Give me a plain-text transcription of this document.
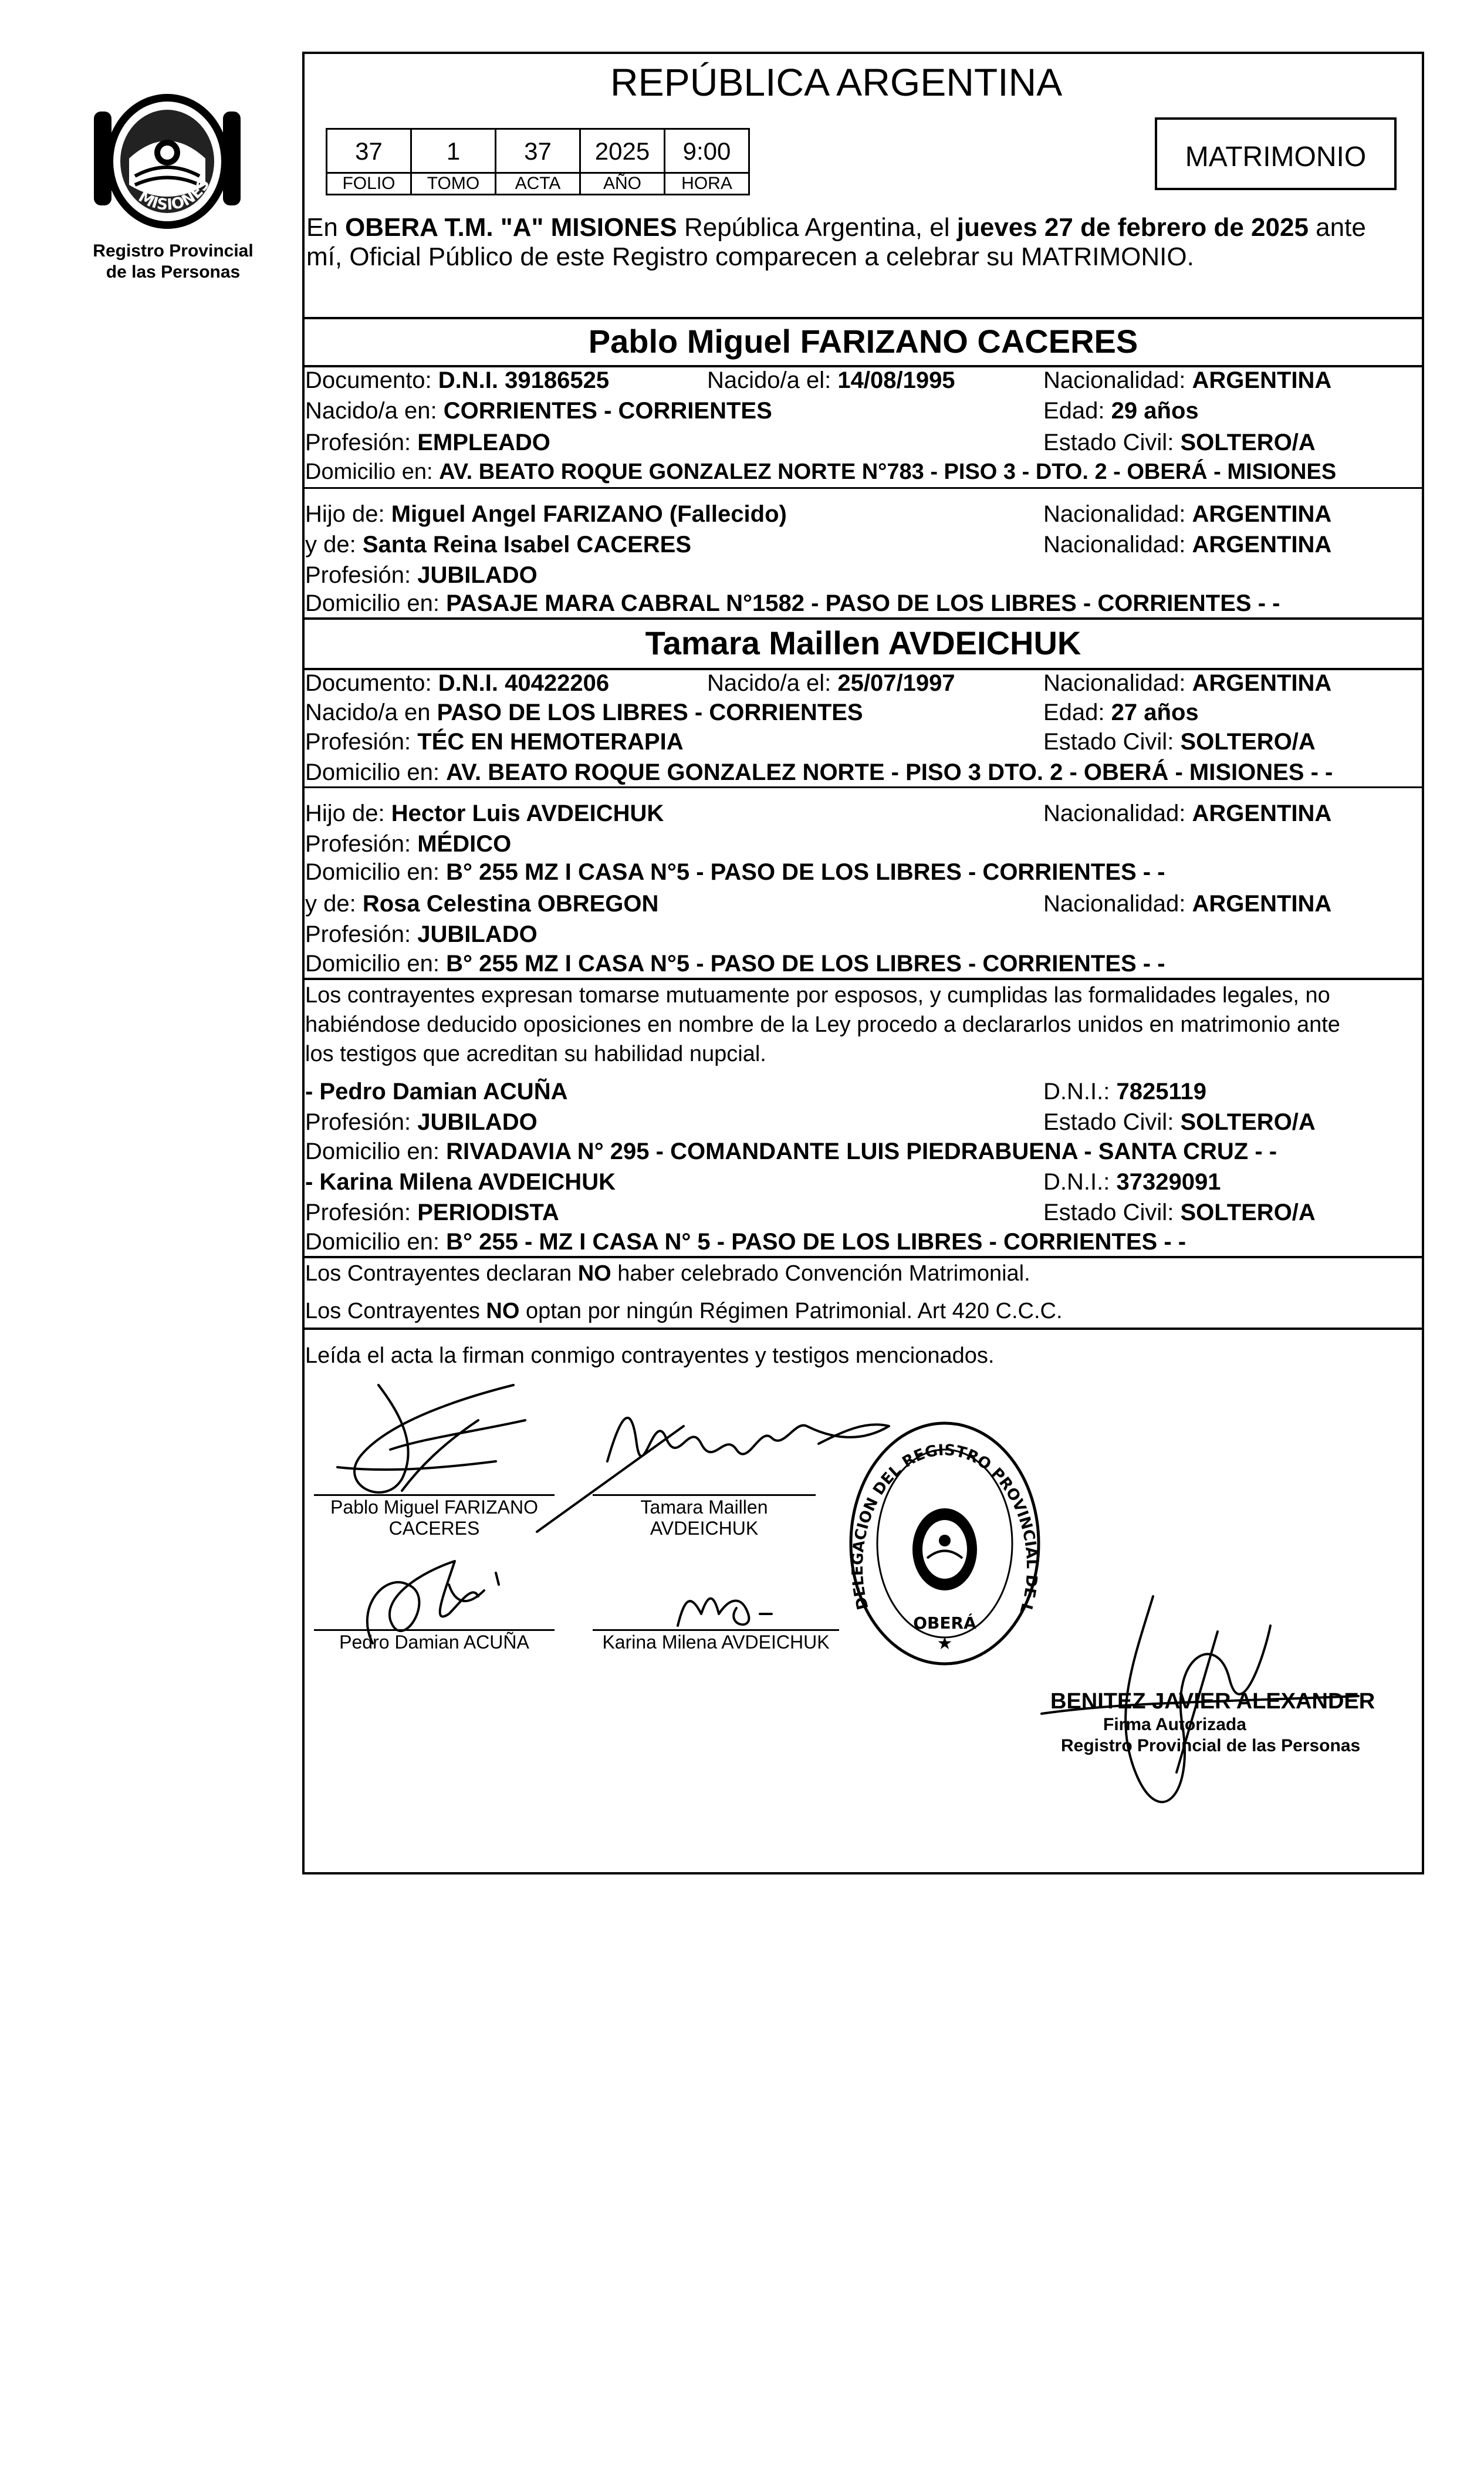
MISIONES
Registro Provincial
de las Personas
REPÚBLICA ARGENTINA
37	1	37	2025	9:00
FOLIO	TOMO	ACTA	AÑO	HORA
MATRIMONIO
En OBERA T.M. "A" MISIONES República Argentina, el jueves 27 de febrero de 2025 ante
mí, Oficial Público de este Registro comparecen a celebrar su MATRIMONIO.
Pablo Miguel FARIZANO CACERES
Documento: D.N.I. 39186525	Nacido/a el: 14/08/1995	Nacionalidad: ARGENTINA
Nacido/a en: CORRIENTES - CORRIENTES	Edad: 29 años
Profesión: EMPLEADO	Estado Civil: SOLTERO/A
Domicilio en: AV. BEATO ROQUE GONZALEZ NORTE N°783 - PISO 3 - DTO. 2 - OBERÁ - MISIONES
Hijo de: Miguel Angel FARIZANO (Fallecido)	Nacionalidad: ARGENTINA
y de: Santa Reina Isabel CACERES	Nacionalidad: ARGENTINA
Profesión: JUBILADO
Domicilio en: PASAJE MARA CABRAL N°1582 - PASO DE LOS LIBRES - CORRIENTES - -
Tamara Maillen AVDEICHUK
Documento: D.N.I. 40422206	Nacido/a el: 25/07/1997	Nacionalidad: ARGENTINA
Nacido/a en PASO DE LOS LIBRES - CORRIENTES	Edad: 27 años
Profesión: TÉC EN HEMOTERAPIA	Estado Civil: SOLTERO/A
Domicilio en: AV. BEATO ROQUE GONZALEZ NORTE - PISO 3 DTO. 2 - OBERÁ - MISIONES - -
Hijo de: Hector Luis AVDEICHUK	Nacionalidad: ARGENTINA
Profesión: MÉDICO
Domicilio en: B° 255 MZ I CASA N°5 - PASO DE LOS LIBRES - CORRIENTES - -
y de: Rosa Celestina OBREGON	Nacionalidad: ARGENTINA
Profesión: JUBILADO
Domicilio en: B° 255 MZ I CASA N°5 - PASO DE LOS LIBRES - CORRIENTES - -
Los contrayentes expresan tomarse mutuamente por esposos, y cumplidas las formalidades legales, no
habiéndose deducido oposiciones en nombre de la Ley procedo a declararlos unidos en matrimonio ante
los testigos que acreditan su habilidad nupcial.
- Pedro Damian ACUÑA	D.N.I.: 7825119
Profesión: JUBILADO	Estado Civil: SOLTERO/A
Domicilio en: RIVADAVIA N° 295 - COMANDANTE LUIS PIEDRABUENA - SANTA CRUZ - -
- Karina Milena AVDEICHUK	D.N.I.: 37329091
Profesión: PERIODISTA	Estado Civil: SOLTERO/A
Domicilio en: B° 255 - MZ I CASA N° 5 - PASO DE LOS LIBRES - CORRIENTES - -
Los Contrayentes declaran NO haber celebrado Convención Matrimonial.
Los Contrayentes NO optan por ningún Régimen Patrimonial. Art 420 C.C.C.
Leída el acta la firman conmigo contrayentes y testigos mencionados.
Pablo Miguel FARIZANO
CACERES
Tamara Maillen
AVDEICHUK
Pedro Damian ACUÑA	Karina Milena AVDEICHUK
DELEGACION DEL REGISTRO PROVINCIAL DE L
OBERÁ
★
BENITEZ JAVIER ALEXANDER
Firma Autorizada
Registro Provincial de las Personas
